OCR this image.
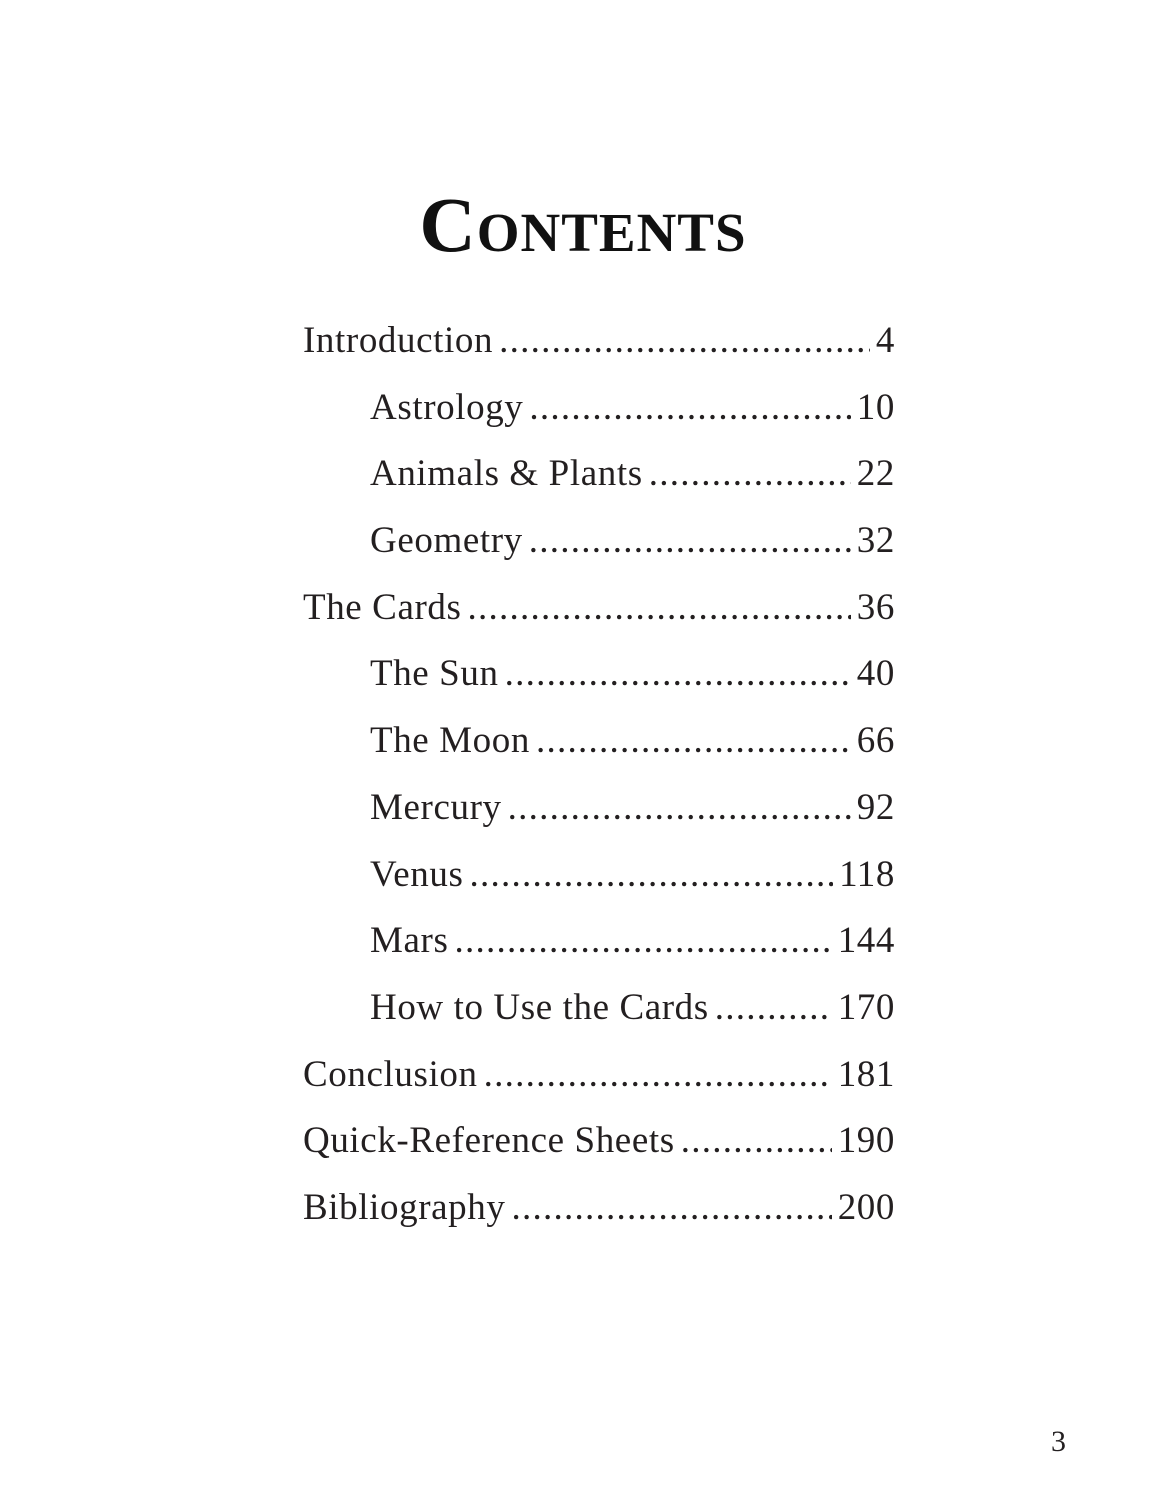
Contents
Introduction . . .	4
Astrology . . .	10
Animals & Plants . . .	22
Geometry . . .	32
The Cards . . .	36
The Sun . . .	40
The Moon . . .	66
Mercury . . .	92
Venus . . .	118
Mars . . .	144
How to Use the Cards . . .	170
Conclusion . . .	181
Quick-Reference Sheets . . .	190
Bibliography . . .	200
3
